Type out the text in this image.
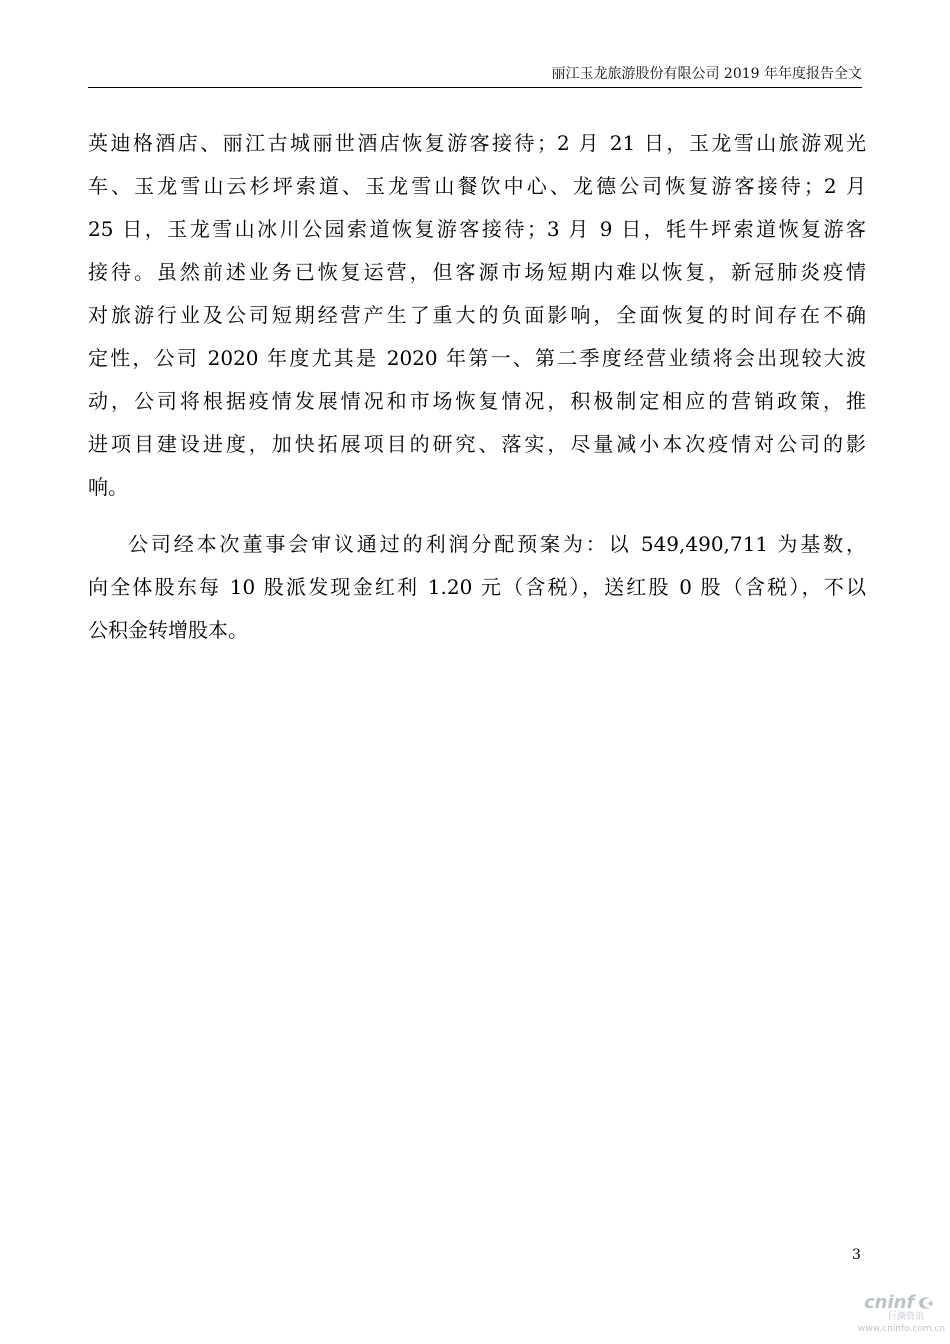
丽江玉龙旅游股份有限公司 2019 年年度报告全文
英迪格酒店、丽江古城丽世酒店恢复游客接待；2 月 21 日，玉龙雪山旅游观光
车、玉龙雪山云杉坪索道、玉龙雪山餐饮中心、龙德公司恢复游客接待；2 月
25 日，玉龙雪山冰川公园索道恢复游客接待；3 月 9 日，牦牛坪索道恢复游客
接待。虽然前述业务已恢复运营，但客源市场短期内难以恢复，新冠肺炎疫情
对旅游行业及公司短期经营产生了重大的负面影响，全面恢复的时间存在不确
定性，公司 2020 年度尤其是 2020 年第一、第二季度经营业绩将会出现较大波
动，公司将根据疫情发展情况和市场恢复情况，积极制定相应的营销政策，推
进项目建设进度，加快拓展项目的研究、落实，尽量减小本次疫情对公司的影
响。
公司经本次董事会审议通过的利润分配预案为：以 549,490,711 为基数，
向全体股东每 10 股派发现金红利 1.20 元（含税），送红股 0 股（含税），不以
公积金转增股本。
3
cninf
巨潮资讯
www.cninfo.com.cn
